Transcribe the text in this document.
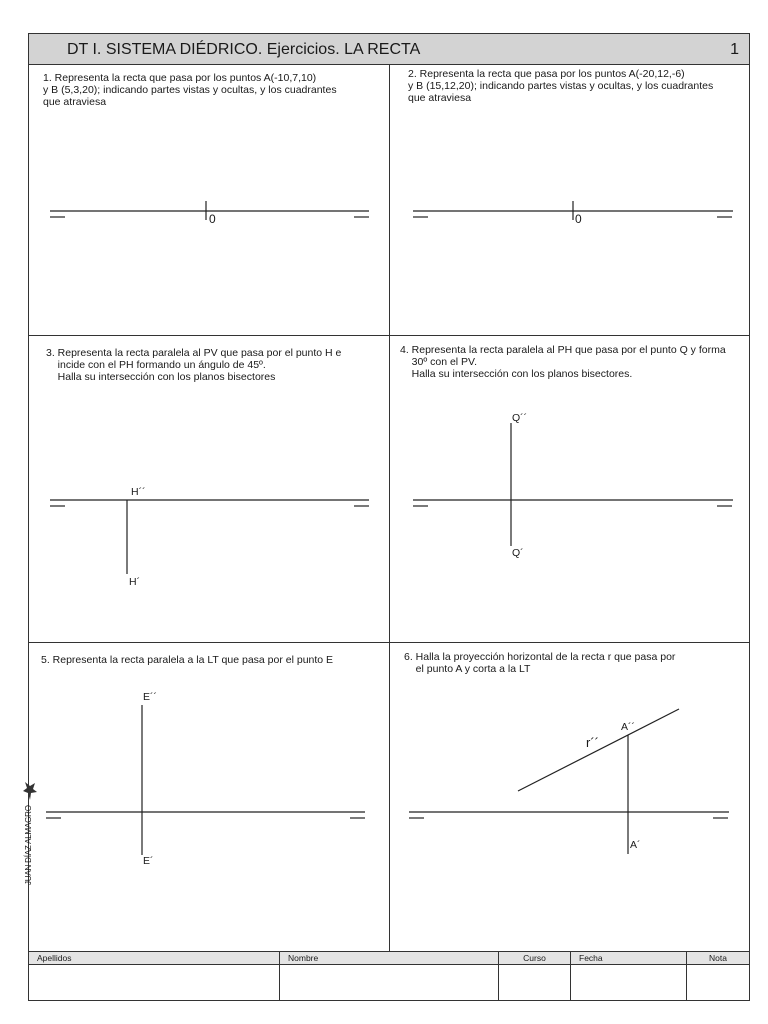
DT I. SISTEMA DIÉDRICO. Ejercicios. LA RECTA	1
1. Representa la recta que pasa por los puntos A(-10,7,10)
y B (5,3,20); indicando partes vistas y ocultas, y los cuadrantes
que atraviesa
0
2. Representa la recta que pasa por los puntos A(-20,12,-6)
y B (15,12,20); indicando partes vistas y ocultas, y los cuadrantes
que atraviesa
0
3. Representa la recta paralela al PV que pasa por el punto H e
incide con el PH formando un ángulo de 45º.
Halla su intersección con los planos bisectores
H´´
H´
4. Representa la recta paralela al PH que pasa por el punto Q y forma
30º con el PV.
Halla su intersección con los planos bisectores.
Q´´
Q´
5. Representa la recta paralela a la LT que pasa por el punto E
E´´
E´
6. Halla la proyección horizontal de la recta r que pasa por
el punto A y corta a la LT
r´´
A´´
A´
JUAN DÍAZ ALMAGRO
Apellidos	Nombre	Curso	Fecha	Nota
